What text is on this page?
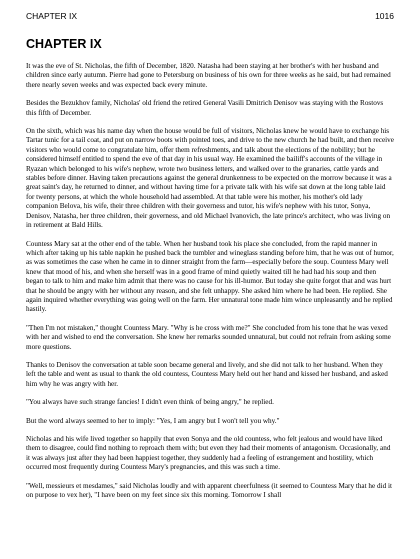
CHAPTER IX	1016
CHAPTER IX

It was the eve of St. Nicholas, the fifth of December, 1820. Natasha had been staying at her brother's with her husband and children since early autumn. Pierre had gone to Petersburg on business of his own for three weeks as he said, but had remained there nearly seven weeks and was expected back every minute.

Besides the Bezukhov family, Nicholas' old friend the retired General Vasili Dmitrich Denisov was staying with the Rostovs this fifth of December.

On the sixth, which was his name day when the house would be full of visitors, Nicholas knew he would have to exchange his Tartar tunic for a tail coat, and put on narrow boots with pointed toes, and drive to the new church he had built, and then receive visitors who would come to congratulate him, offer them refreshments, and talk about the elections of the nobility; but he considered himself entitled to spend the eve of that day in his usual way. He examined the bailiff's accounts of the village in Ryazan which belonged to his wife's nephew, wrote two business letters, and walked over to the granaries, cattle yards and stables before dinner. Having taken precautions against the general drunkenness to be expected on the morrow because it was a great saint's day, he returned to dinner, and without having time for a private talk with his wife sat down at the long table laid for twenty persons, at which the whole household had assembled. At that table were his mother, his mother's old lady companion Belova, his wife, their three children with their governess and tutor, his wife's nephew with his tutor, Sonya, Denisov, Natasha, her three children, their governess, and old Michael Ivanovich, the late prince's architect, who was living on in retirement at Bald Hills.

Countess Mary sat at the other end of the table. When her husband took his place she concluded, from the rapid manner in which after taking up his table napkin he pushed back the tumbler and wineglass standing before him, that he was out of humor, as was sometimes the case when he came in to dinner straight from the farm—especially before the soup. Countess Mary well knew that mood of his, and when she herself was in a good frame of mind quietly waited till he had had his soup and then began to talk to him and make him admit that there was no cause for his ill-humor. But today she quite forgot that and was hurt that he should be angry with her without any reason, and she felt unhappy. She asked him where he had been. He replied. She again inquired whether everything was going well on the farm. Her unnatural tone made him wince unpleasantly and he replied hastily.

"Then I'm not mistaken," thought Countess Mary. "Why is he cross with me?" She concluded from his tone that he was vexed with her and wished to end the conversation. She knew her remarks sounded unnatural, but could not refrain from asking some more questions.

Thanks to Denisov the conversation at table soon became general and lively, and she did not talk to her husband. When they left the table and went as usual to thank the old countess, Countess Mary held out her hand and kissed her husband, and asked him why he was angry with her.

"You always have such strange fancies! I didn't even think of being angry," he replied.

But the word always seemed to her to imply: "Yes, I am angry but I won't tell you why."

Nicholas and his wife lived together so happily that even Sonya and the old countess, who felt jealous and would have liked them to disagree, could find nothing to reproach them with; but even they had their moments of antagonism. Occasionally, and it was always just after they had been happiest together, they suddenly had a feeling of estrangement and hostility, which occurred most frequently during Countess Mary's pregnancies, and this was such a time.

"Well, messieurs et mesdames," said Nicholas loudly and with apparent cheerfulness (it seemed to Countess Mary that he did it on purpose to vex her), "I have been on my feet since six this morning. Tomorrow I shall
